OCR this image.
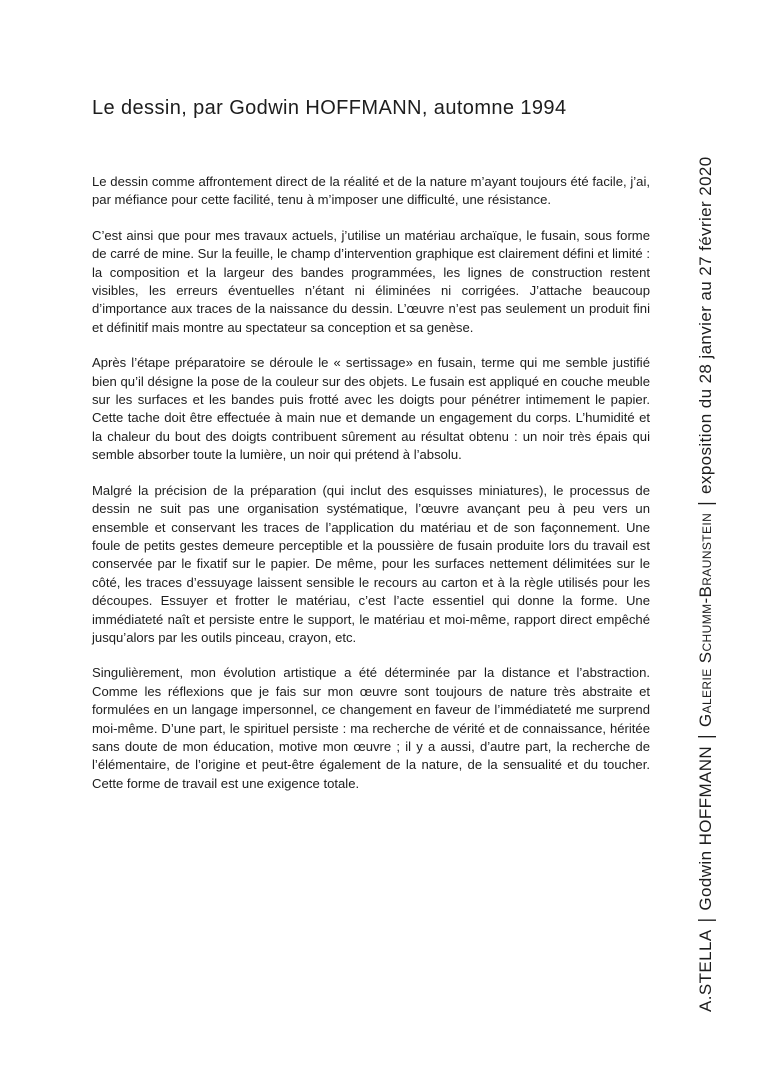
Le dessin, par Godwin HOFFMANN, automne 1994

Le dessin comme affrontement direct de la réalité et de la nature m’ayant toujours été facile, j’ai, par méfiance pour cette facilité, tenu à m’imposer une difficulté, une résistance.

C’est ainsi que pour mes travaux actuels, j’utilise un matériau archaïque, le fusain, sous forme de carré de mine. Sur la feuille, le champ d’intervention graphique est clairement défini et limité : la composition et la largeur des bandes programmées, les lignes de construction restent visibles, les erreurs éventuelles n’étant ni éliminées ni corrigées. J’attache beaucoup d’importance aux traces de la naissance du dessin. L’œuvre n’est pas seulement un produit fini et définitif mais montre au spectateur sa conception et sa genèse.

Après l’étape préparatoire se déroule le « sertissage» en fusain, terme qui me semble justifié bien qu’il désigne la pose de la couleur sur des objets. Le fusain est appliqué en couche meuble sur les surfaces et les bandes puis frotté avec les doigts pour pénétrer intimement le papier. Cette tache doit être effectuée à main nue et demande un engagement du corps. L’humidité et la chaleur du bout des doigts contribuent sûrement au résultat obtenu : un noir très épais qui semble absorber toute la lumière, un noir qui prétend à l’absolu.

Malgré la précision de la préparation (qui inclut des esquisses miniatures), le processus de dessin ne suit pas une organisation systématique, l’œuvre avançant peu à peu vers un ensemble et conservant les traces de l’application du matériau et de son façonnement. Une foule de petits gestes demeure perceptible et la poussière de fusain produite lors du travail est conservée par le fixatif sur le papier. De même, pour les surfaces nettement délimitées sur le côté, les traces d’essuyage laissent sensible le recours au carton et à la règle utilisés pour les découpes. Essuyer et frotter le matériau, c’est l’acte essentiel qui donne la forme. Une immédiateté naît et persiste entre le support, le matériau et moi-même, rapport direct empêché jusqu’alors par les outils pinceau, crayon, etc.

Singulièrement, mon évolution artistique a été déterminée par la distance et l’abstraction. Comme les réflexions que je fais sur mon œuvre sont toujours de nature très abstraite et formulées en un langage impersonnel, ce changement en faveur de l’immédiateté me surprend moi-même. D’une part, le spirituel persiste : ma recherche de vérité et de connaissance, héritée sans doute de mon éducation, motive mon œuvre ; il y a aussi, d’autre part, la recherche de l’élémentaire, de l’origine et peut-être également de la nature, de la sensualité et du toucher. Cette forme de travail est une exigence totale.

A.STELLA|Godwin HOFFMANN|Galerie Schumm-Braunstein|exposition du 28 janvier au 27 février 2020
